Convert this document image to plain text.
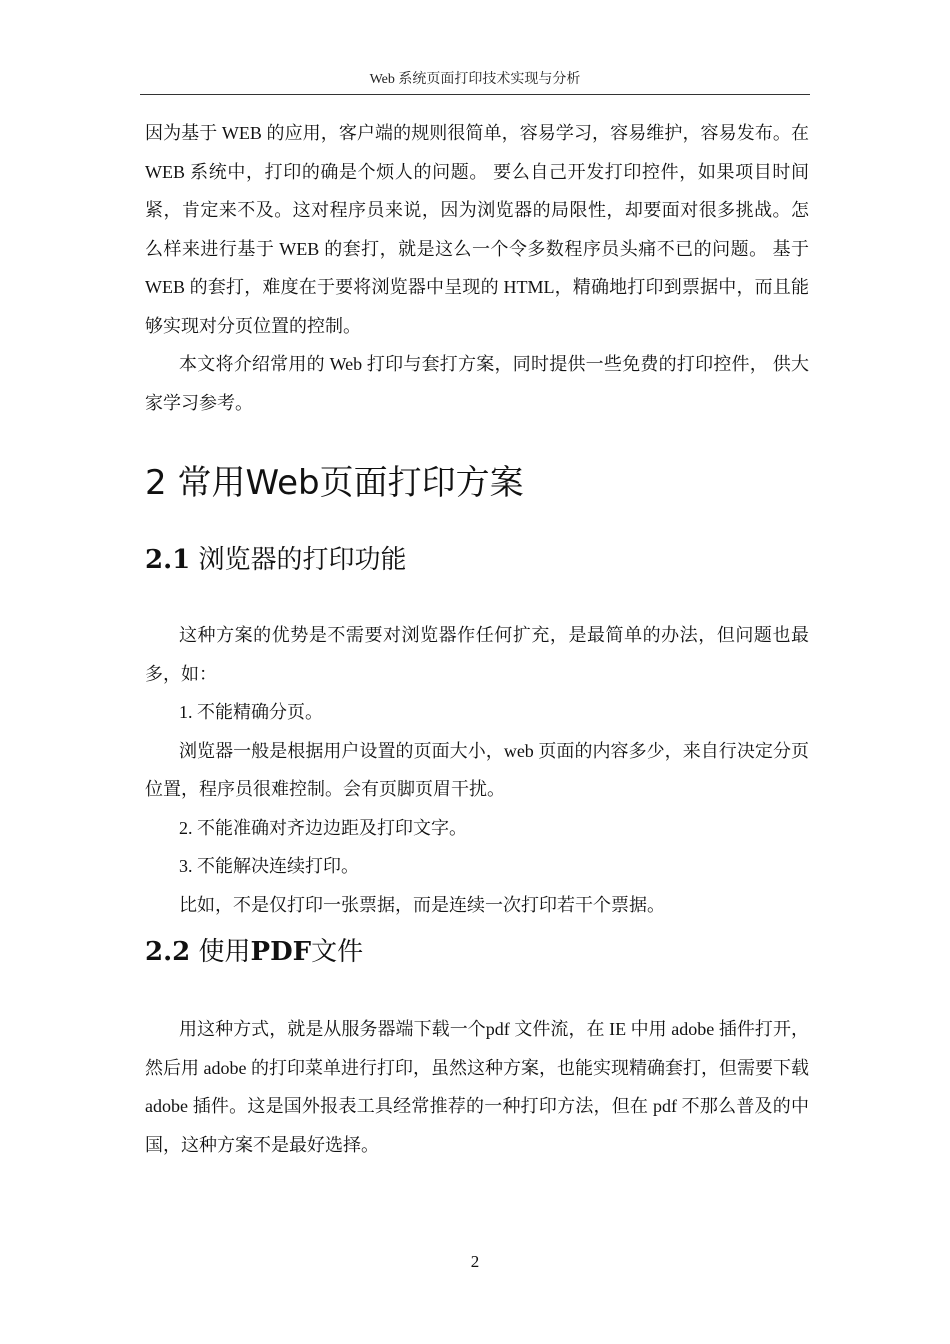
Web 系统页面打印技术实现与分析

因为基于 WEB 的应用，客户端的规则很简单，容易学习，容易维护，容易发布。在 WEB 系统中，打印的确是个烦人的问题。 要么自己开发打印控件，如果项目时间紧，肯定来不及。这对程序员来说，因为浏览器的局限性，却要面对很多挑战。怎么样来进行基于 WEB 的套打，就是这么一个令多数程序员头痛不已的问题。 基于 WEB 的套打，难度在于要将浏览器中呈现的 HTML，精确地打印到票据中，而且能够实现对分页位置的控制。

本文将介绍常用的 Web 打印与套打方案，同时提供一些免费的打印控件， 供大家学习参考。

2 常用Web页面打印方案
2.1 浏览器的打印功能

这种方案的优势是不需要对浏览器作任何扩充，是最简单的办法，但问题也最多，如：

1. 不能精确分页。

浏览器一般是根据用户设置的页面大小，web 页面的内容多少，来自行决定分页位置，程序员很难控制。会有页脚页眉干扰。

2. 不能准确对齐边边距及打印文字。

3. 不能解决连续打印。

比如，不是仅打印一张票据，而是连续一次打印若干个票据。

2.2 使用PDF文件

用这种方式，就是从服务器端下载一个pdf 文件流，在 IE 中用 adobe 插件打开，然后用 adobe 的打印菜单进行打印，虽然这种方案，也能实现精确套打，但需要下载 adobe 插件。这是国外报表工具经常推荐的一种打印方法，但在 pdf 不那么普及的中国，这种方案不是最好选择。

2
